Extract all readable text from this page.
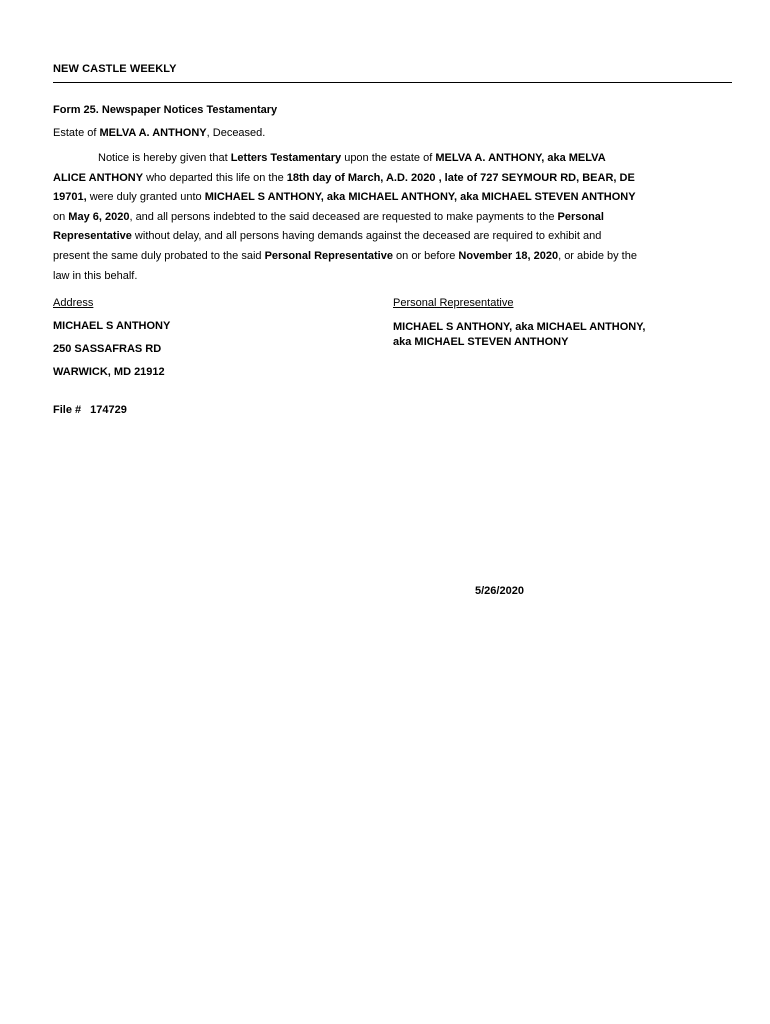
NEW CASTLE WEEKLY
Form 25. Newspaper Notices Testamentary
Estate of MELVA A. ANTHONY, Deceased.
Notice is hereby given that Letters Testamentary upon the estate of MELVA A. ANTHONY, aka MELVA ALICE ANTHONY who departed this life on the 18th day of March, A.D. 2020 , late of 727 SEYMOUR RD, BEAR, DE 19701, were duly granted unto MICHAEL S ANTHONY, aka MICHAEL ANTHONY, aka MICHAEL STEVEN ANTHONY on May 6, 2020, and all persons indebted to the said deceased are requested to make payments to the Personal Representative without delay, and all persons having demands against the deceased are required to exhibit and present the same duly probated to the said Personal Representative on or before November 18, 2020, or abide by the law in this behalf.
Address
MICHAEL S ANTHONY
250 SASSAFRAS RD
WARWICK, MD 21912
Personal Representative
MICHAEL S ANTHONY, aka MICHAEL ANTHONY, aka MICHAEL STEVEN ANTHONY
File # 174729
5/26/2020
